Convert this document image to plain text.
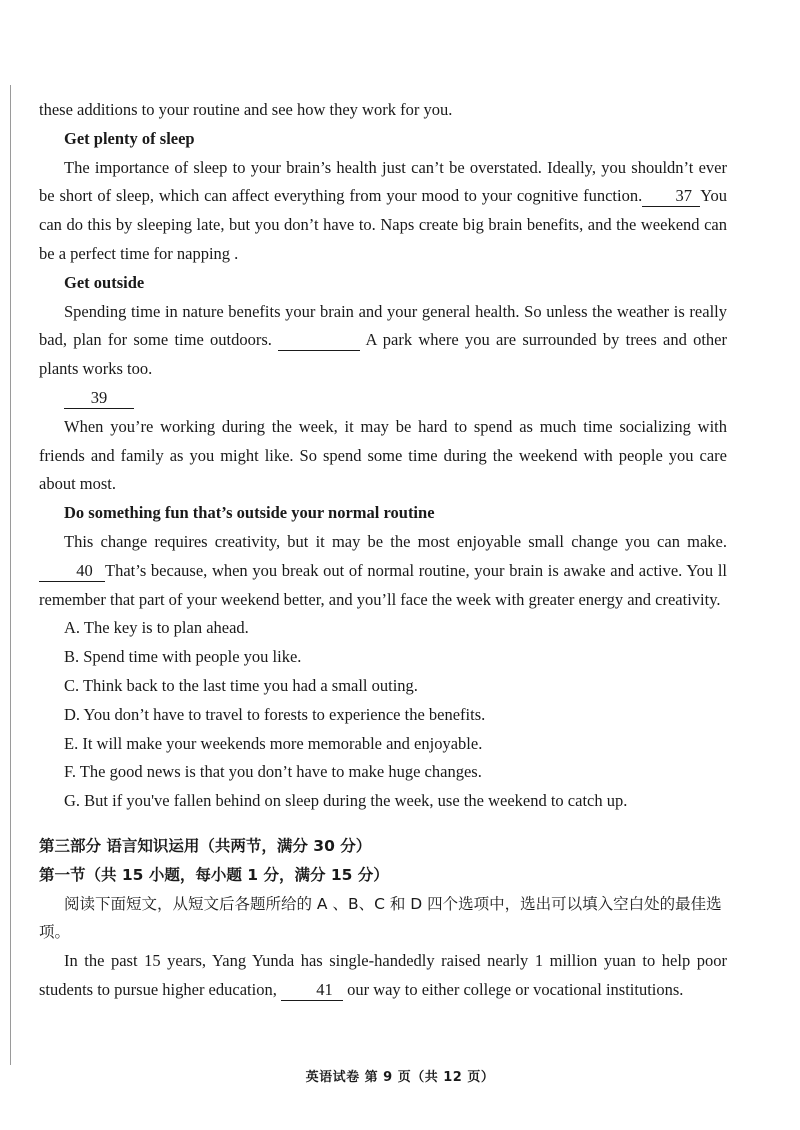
these additions to your routine and see how they work for you.

Get plenty of sleep

The importance of sleep to your brain’s health just can’t be overstated. Ideally, you shouldn’t ever be short of sleep, which can affect everything from your mood to your cognitive function. 37 You can do this by sleeping late, but you don’t have to. Naps create big brain benefits, and the weekend can be a perfect time for napping .

Get outside

Spending time in nature benefits your brain and your general health. So unless the weather is really bad, plan for some time outdoors.	A park where you are surrounded by trees and other plants works too.

39

When you’re working during the week, it may be hard to spend as much time socializing with friends and family as you might like. So spend some time during the weekend with people you care about most.

Do something fun that’s outside your normal routine

This change requires creativity, but it may be the most enjoyable small change you can make. 40 That’s because, when you break out of normal routine, your brain is awake and active. You ll remember that part of your weekend better, and you’ll face the week with greater energy and creativity.

A. The key is to plan ahead.

B. Spend time with people you like.

C. Think back to the last time you had a small outing.

D. You don’t have to travel to forests to experience the benefits.

E. It will make your weekends more memorable and enjoyable.

F. The good news is that you don’t have to make huge changes.

G. But if you've fallen behind on sleep during the week, use the weekend to catch up.

第三部分 语言知识运用（共两节，满分 30 分）

第一节（共 15 小题，每小题 1 分，满分 15 分）

阅读下面短文，从短文后各题所给的 A 、B、C 和 D 四个选项中，选出可以填入空白处的最佳选项。

In the past 15 years, Yang Yunda has single-handedly raised nearly 1 million yuan to help poor students to pursue higher education, 41 our way to either college or vocational institutions.

英语试卷 第 9 页（共 12 页）
